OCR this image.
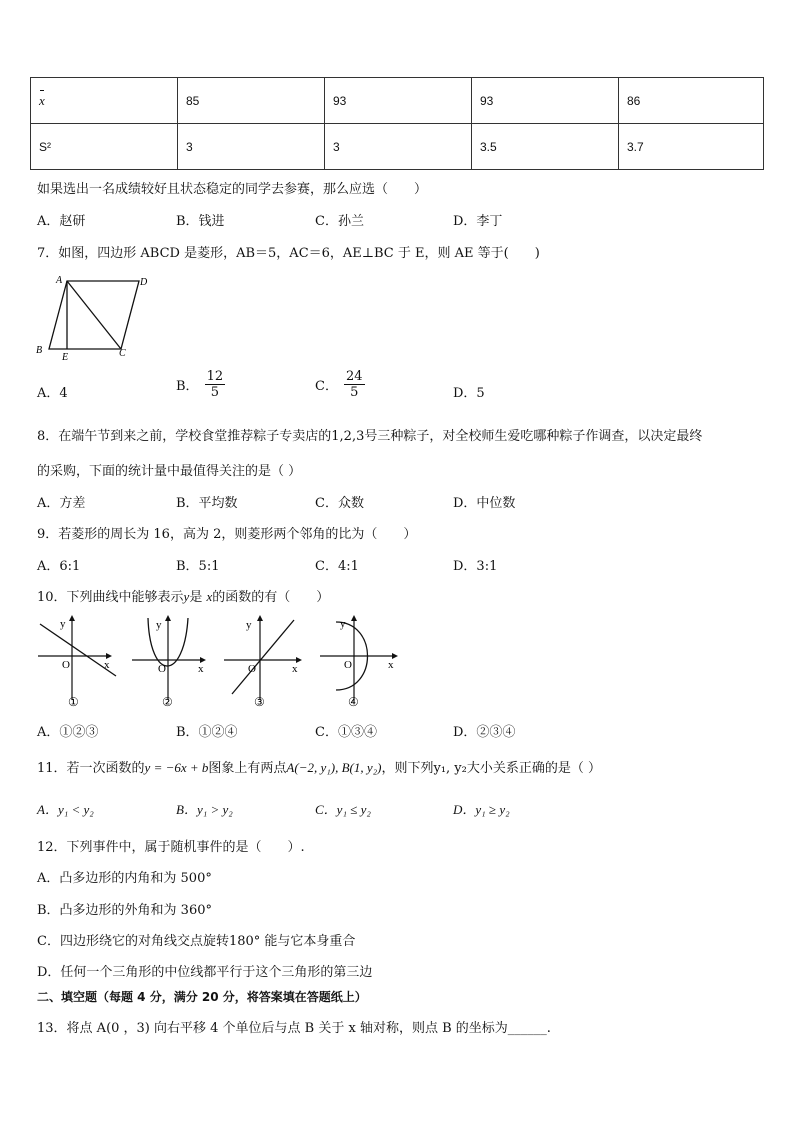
x	85	93	93	86
S²	3	3	3.5	3.7
如果选出一名成绩较好且状态稳定的同学去参赛，那么应选（　　）
A．赵研	B．钱进	C．孙兰	D．李丁
7．如图，四边形 ABCD 是菱形，AB＝5，AC＝6，AE⊥BC 于 E，则 AE 等于(　　)
A	D
B
E	C
A．4	B． $\frac{12}{5}$	C． $\frac{24}{5}$	D．5
8．在端午节到来之前，学校食堂推荐粽子专卖店的1,2,3号三种粽子，对全校师生爱吃哪种粽子作调查，以决定最终
的采购，下面的统计量中最值得关注的是（ ）
A．方差	B．平均数	C．众数	D．中位数
9．若菱形的周长为 16，高为 2，则菱形两个邻角的比为（　　）
A．6:1	B．5:1	C．4:1	D．3:1
10．下列曲线中能够表示y是 x的函数的有（　　）
y
O	x
①
y
O	x
②
y
O	x
③
y
O	x
④
A．①②③	B．①②④	C．①③④	D．②③④
11．若一次函数的y = −6x + b图象上有两点A(−2, y₁), B(1, y₂)，则下列y₁, y₂大小关系正确的是（ ）
A．y₁ < y₂	B．y₁ > y₂	C．y₁ ≤ y₂	D．y₁ ≥ y₂
12．下列事件中，属于随机事件的是（　　）.
A．凸多边形的内角和为 500°
B．凸多边形的外角和为 360°
C．四边形绕它的对角线交点旋转180° 能与它本身重合
D．任何一个三角形的中位线都平行于这个三角形的第三边
二、填空题（每题 4 分，满分 20 分，将答案填在答题纸上）
13．将点 A(0 ，3) 向右平移 4 个单位后与点 B 关于 x 轴对称，则点 B 的坐标为______.
